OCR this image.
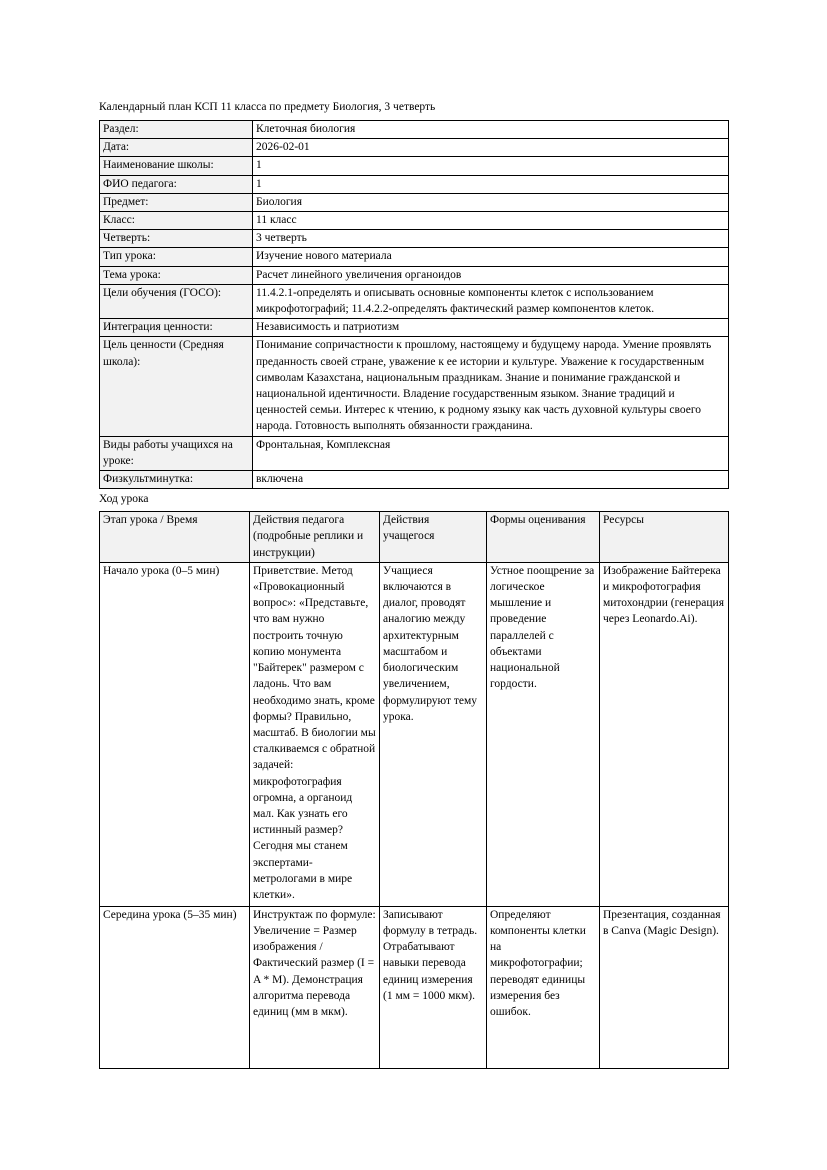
Календарный план КСП 11 класса по предмету Биология, 3 четверть

Раздел:	Клеточная биология
Дата:	2026-02-01
Наименование школы:	1
ФИО педагога:	1
Предмет:	Биология
Класс:	11 класс
Четверть:	3 четверть
Тип урока:	Изучение нового материала
Тема урока:	Расчет линейного увеличения органоидов
Цели обучения (ГОСО):	11.4.2.1-определять и описывать основные компоненты клеток с использованием микрофотографий; 11.4.2.2-определять фактический размер компонентов клеток.
Интеграция ценности:	Независимость и патриотизм
Цель ценности (Средняя школа):	Понимание сопричастности к прошлому, настоящему и будущему народа. Умение проявлять преданность своей стране, уважение к ее истории и культуре. Уважение к государственным символам Казахстана, национальным праздникам. Знание и понимание гражданской и национальной идентичности. Владение государственным языком. Знание традиций и ценностей семьи. Интерес к чтению, к родному языку как часть духовной культуры своего народа. Готовность выполнять обязанности гражданина.
Виды работы учащихся на уроке:	Фронтальная, Комплексная
Физкультминутка:	включена

Ход урока

Этап урока / Время	Действия педагога (подробные реплики и инструкции)	Действия учащегося	Формы оценивания	Ресурсы
Начало урока (0–5 мин)	Приветствие. Метод «Провокационный вопрос»: «Представьте, что вам нужно построить точную копию монумента "Байтерек" размером с ладонь. Что вам необходимо знать, кроме формы? Правильно, масштаб. В биологии мы сталкиваемся с обратной задачей: микрофотография огромна, а органоид мал. Как узнать его истинный размер? Сегодня мы станем экспертами-метрологами в мире клетки».	Учащиеся включаются в диалог, проводят аналогию между архитектурным масштабом и биологическим увеличением, формулируют тему урока.	Устное поощрение за логическое мышление и проведение параллелей с объектами национальной гордости.	Изображение Байтерека и микрофотография митохондрии (генерация через Leonardo.Ai).
Середина урока (5–35 мин)	Инструктаж по формуле: Увеличение = Размер изображения / Фактический размер (I = A * M). Демонстрация алгоритма перевода единиц (мм в мкм).	Записывают формулу в тетрадь. Отрабатывают навыки перевода единиц измерения (1 мм = 1000 мкм).	Определяют компоненты клетки на микрофотографии; переводят единицы измерения без ошибок.	Презентация, созданная в Canva (Magic Design).
